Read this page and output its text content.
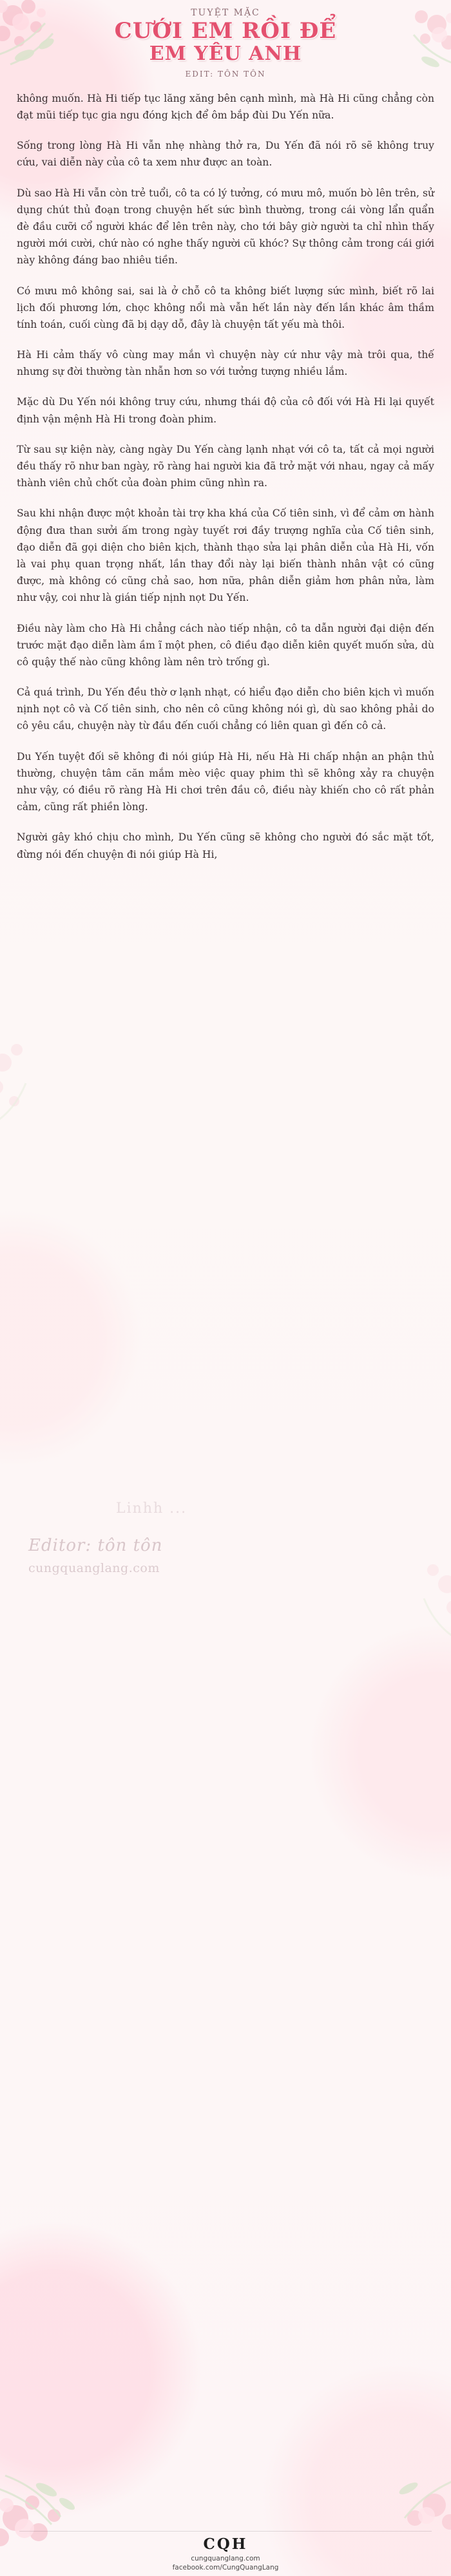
TUYỆT MẶC
CƯỚI EM RỒI ĐỂ
EM YÊU ANH
EDIT: TÔN TÔN
Linhh ...
Editor: tôn tôn
cungquanglang.com

không muốn. Hà Hi tiếp tục lăng xăng bên cạnh mình, mà Hà Hi cũng chẳng còn đạt mũi tiếp tục gia ngu đóng kịch để ôm bắp đùi Du Yến nữa.

Sống trong lòng Hà Hi vẫn nhẹ nhàng thở ra, Du Yến đã nói rõ sẽ không truy cứu, vai diễn này của cô ta xem như được an toàn.

Dù sao Hà Hi vẫn còn trẻ tuổi, cô ta có lý tưởng, có mưu mô, muốn bò lên trên, sử dụng chút thủ đoạn trong chuyện hết sức bình thường, trong cái vòng lẩn quẩn đè đầu cưỡi cổ người khác để lên trên này, cho tới bây giờ người ta chỉ nhìn thấy người mới cười, chứ nào có nghe thấy người cũ khóc? Sự thông cảm trong cái giới này không đáng bao nhiêu tiền.

Có mưu mô không sai, sai là ở chỗ cô ta không biết lượng sức mình, biết rõ lai lịch đối phương lớn, chọc không nổi mà vẫn hết lần này đến lần khác âm thầm tính toán, cuối cùng đã bị dạy dỗ, đây là chuyện tất yếu mà thôi.

Hà Hi cảm thấy vô cùng may mắn vì chuyện này cứ như vậy mà trôi qua, thế nhưng sự đời thường tàn nhẫn hơn so với tưởng tượng nhiều lắm.

Mặc dù Du Yến nói không truy cứu, nhưng thái độ của cô đối với Hà Hi lại quyết định vận mệnh Hà Hi trong đoàn phim.

Từ sau sự kiện này, càng ngày Du Yến càng lạnh nhạt với cô ta, tất cả mọi người đều thấy rõ như ban ngày, rõ ràng hai người kia đã trở mặt với nhau, ngay cả mấy thành viên chủ chốt của đoàn phim cũng nhìn ra.

Sau khi nhận được một khoản tài trợ kha khá của Cố tiên sinh, vì để cảm ơn hành động đưa than sưởi ấm trong ngày tuyết rơi đầy trượng nghĩa của Cố tiên sinh, đạo diễn đã gọi diện cho biên kịch, thành thạo sửa lại phân diễn của Hà Hi, vốn là vai phụ quan trọng nhất, lần thay đổi này lại biến thành nhân vật có cũng được, mà không có cũng chả sao, hơn nữa, phân diễn giảm hơn phân nửa, làm như vậy, coi như là gián tiếp nịnh nọt Du Yến.

Điều này làm cho Hà Hi chẳng cách nào tiếp nhận, cô ta dẫn người đại diện đến trước mặt đạo diễn làm ầm ĩ một phen, cô điều đạo diễn kiên quyết muốn sửa, dù cô quậy thế nào cũng không làm nên trò trống gì.

Cả quá trình, Du Yến đều thờ ơ lạnh nhạt, có hiểu đạo diễn cho biên kịch vì muốn nịnh nọt cô và Cố tiên sinh, cho nên cô cũng không nói gì, dù sao không phải do cô yêu cầu, chuyện này từ đầu đến cuối chẳng có liên quan gì đến cô cả.

Du Yến tuyệt đối sẽ không đi nói giúp Hà Hi, nếu Hà Hi chấp nhận an phận thủ thường, chuyện tâm căn mắm mèo việc quay phim thì sẽ không xảy ra chuyện như vậy, có điều rõ ràng Hà Hi chơi trên đầu cô, điều này khiến cho cô rất phản cảm, cũng rất phiền lòng.

Người gây khó chịu cho mình, Du Yến cũng sẽ không cho người đó sắc mặt tốt, đừng nói đến chuyện đi nói giúp Hà Hi,

CQH
cungquanglang.com
facebook.com/CungQuangLang
